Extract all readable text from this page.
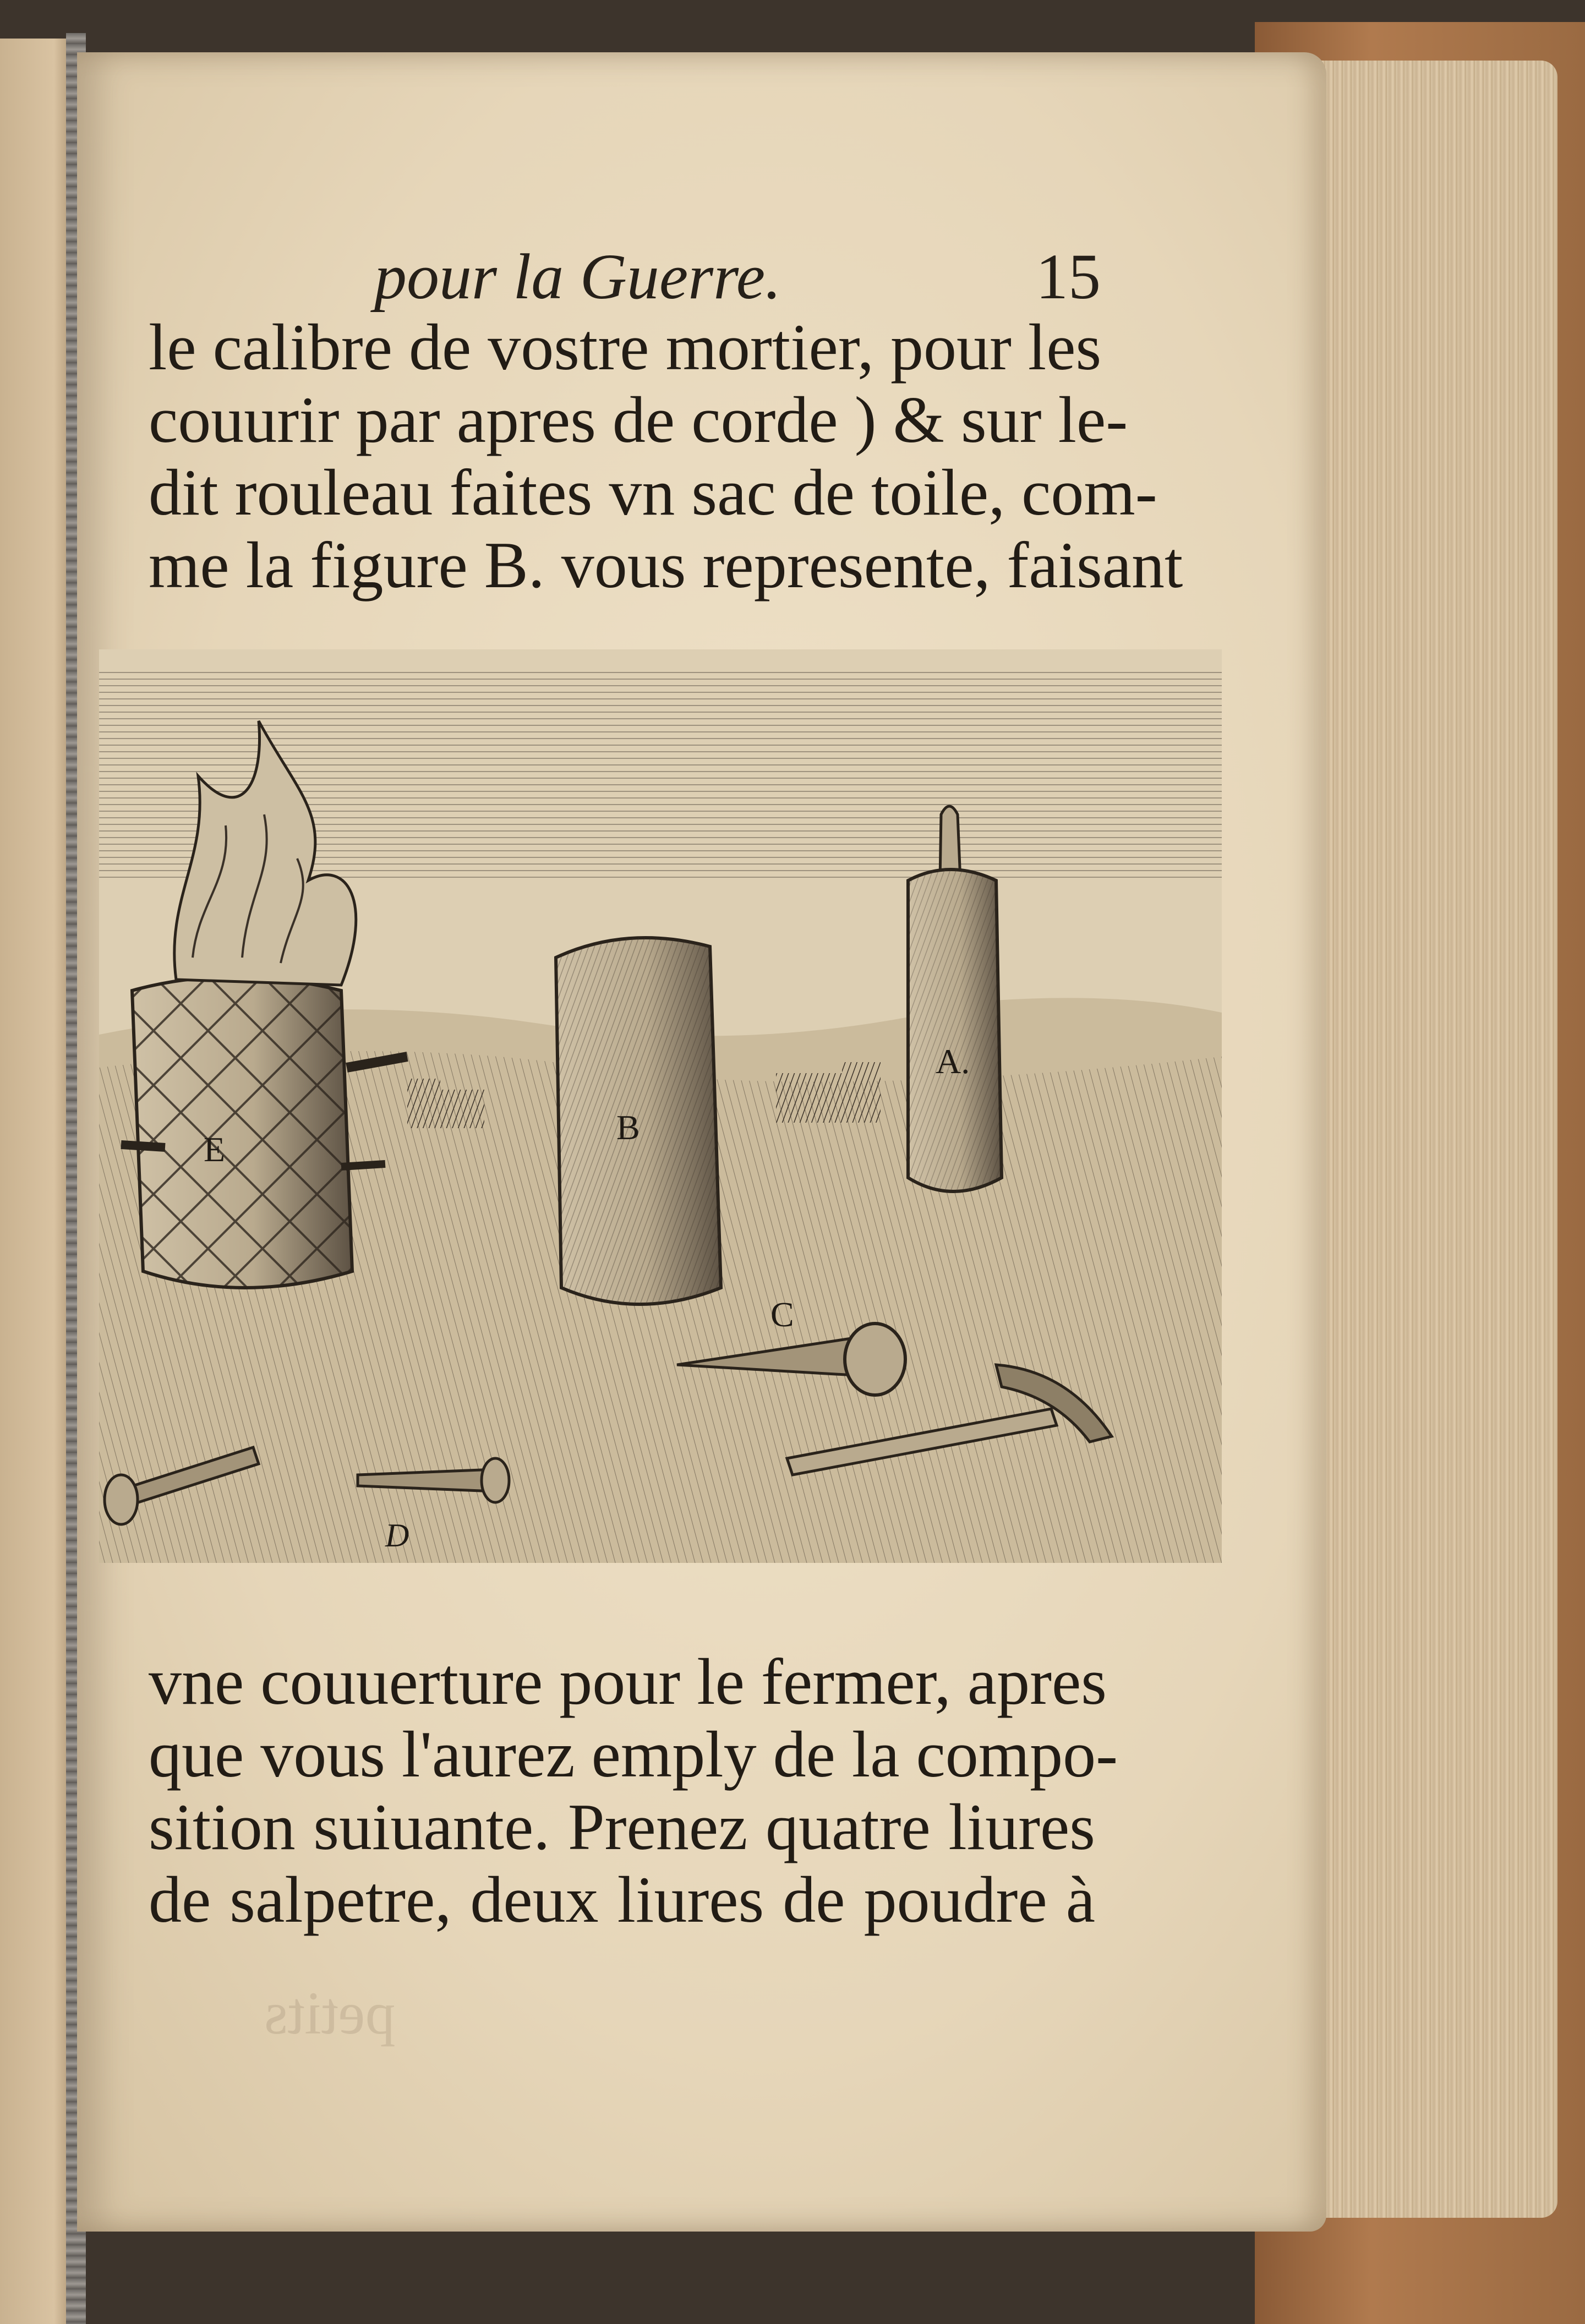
pour la Guerre.	15
le calibre de vostre mortier, pour les
couurir par apres de corde ) & sur le-
dit rouleau faites vn sac de toile, com-
me la figure B. vous represente, faisant
E
B
A.
C
D
vne couuerture pour le fermer, apres
que vous l'aurez emply de la compo-
sition suiuante. Prenez quatre liures
de salpetre, deux liures de poudre à
petits
